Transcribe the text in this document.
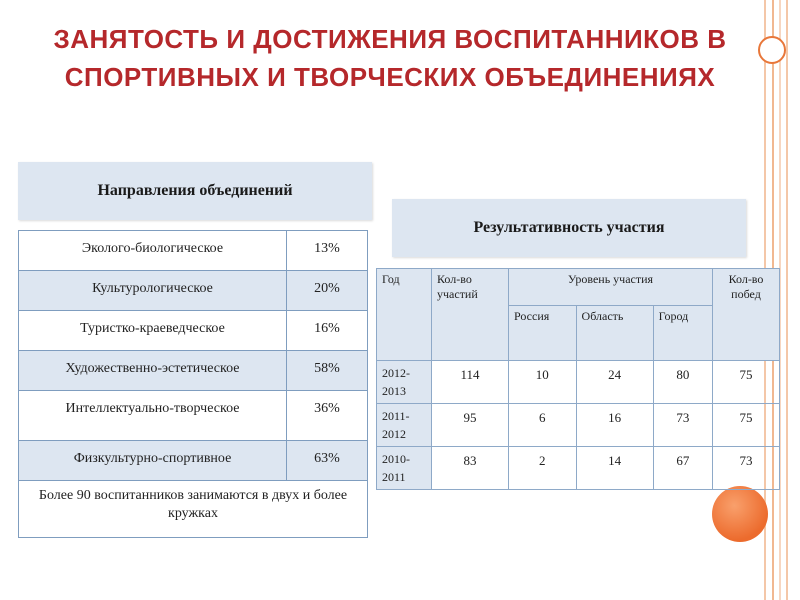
ЗАНЯТОСТЬ И ДОСТИЖЕНИЯ ВОСПИТАННИКОВ В СПОРТИВНЫХ И ТВОРЧЕСКИХ ОБЪЕДИНЕНИЯХ
Направления объединений
Результативность участия
Эколого-биологическое	13%
Культурологическое	20%
Туристко-краеведческое	16%
Художественно-эстетическое	58%
Интеллектуально-творческое	36%
Физкультурно-спортивное	63%
Более 90 воспитанников занимаются в двух и более кружках	
Год	Кол-во участий	Уровень участия			Кол-во побед
		Россия	Область	Город	
2012-2013	114	10	24	80	75
2011-2012	95	6	16	73	75
2010-2011	83	2	14	67	73
